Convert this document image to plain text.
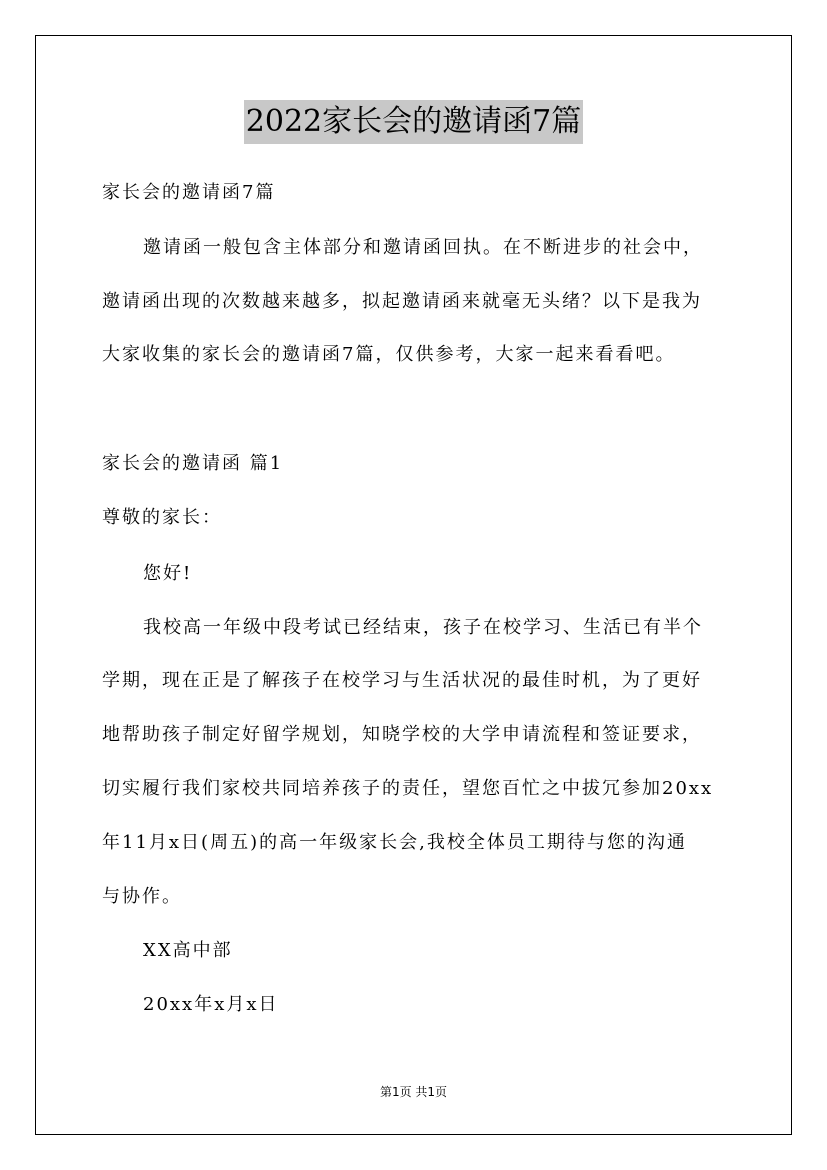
2022家长会的邀请函7篇
家长会的邀请函7篇
邀请函一般包含主体部分和邀请函回执。在不断进步的社会中，
邀请函出现的次数越来越多，拟起邀请函来就毫无头绪？以下是我为
大家收集的家长会的邀请函7篇，仅供参考，大家一起来看看吧。
家长会的邀请函 篇1
尊敬的家长：
您好!
我校高一年级中段考试已经结束，孩子在校学习、生活已有半个
学期，现在正是了解孩子在校学习与生活状况的最佳时机，为了更好
地帮助孩子制定好留学规划，知晓学校的大学申请流程和签证要求，
切实履行我们家校共同培养孩子的责任，望您百忙之中拔冗参加20xx
年11月x日(周五)的高一年级家长会,我校全体员工期待与您的沟通
与协作。
XX高中部
20xx年x月x日
第1页 共1页
